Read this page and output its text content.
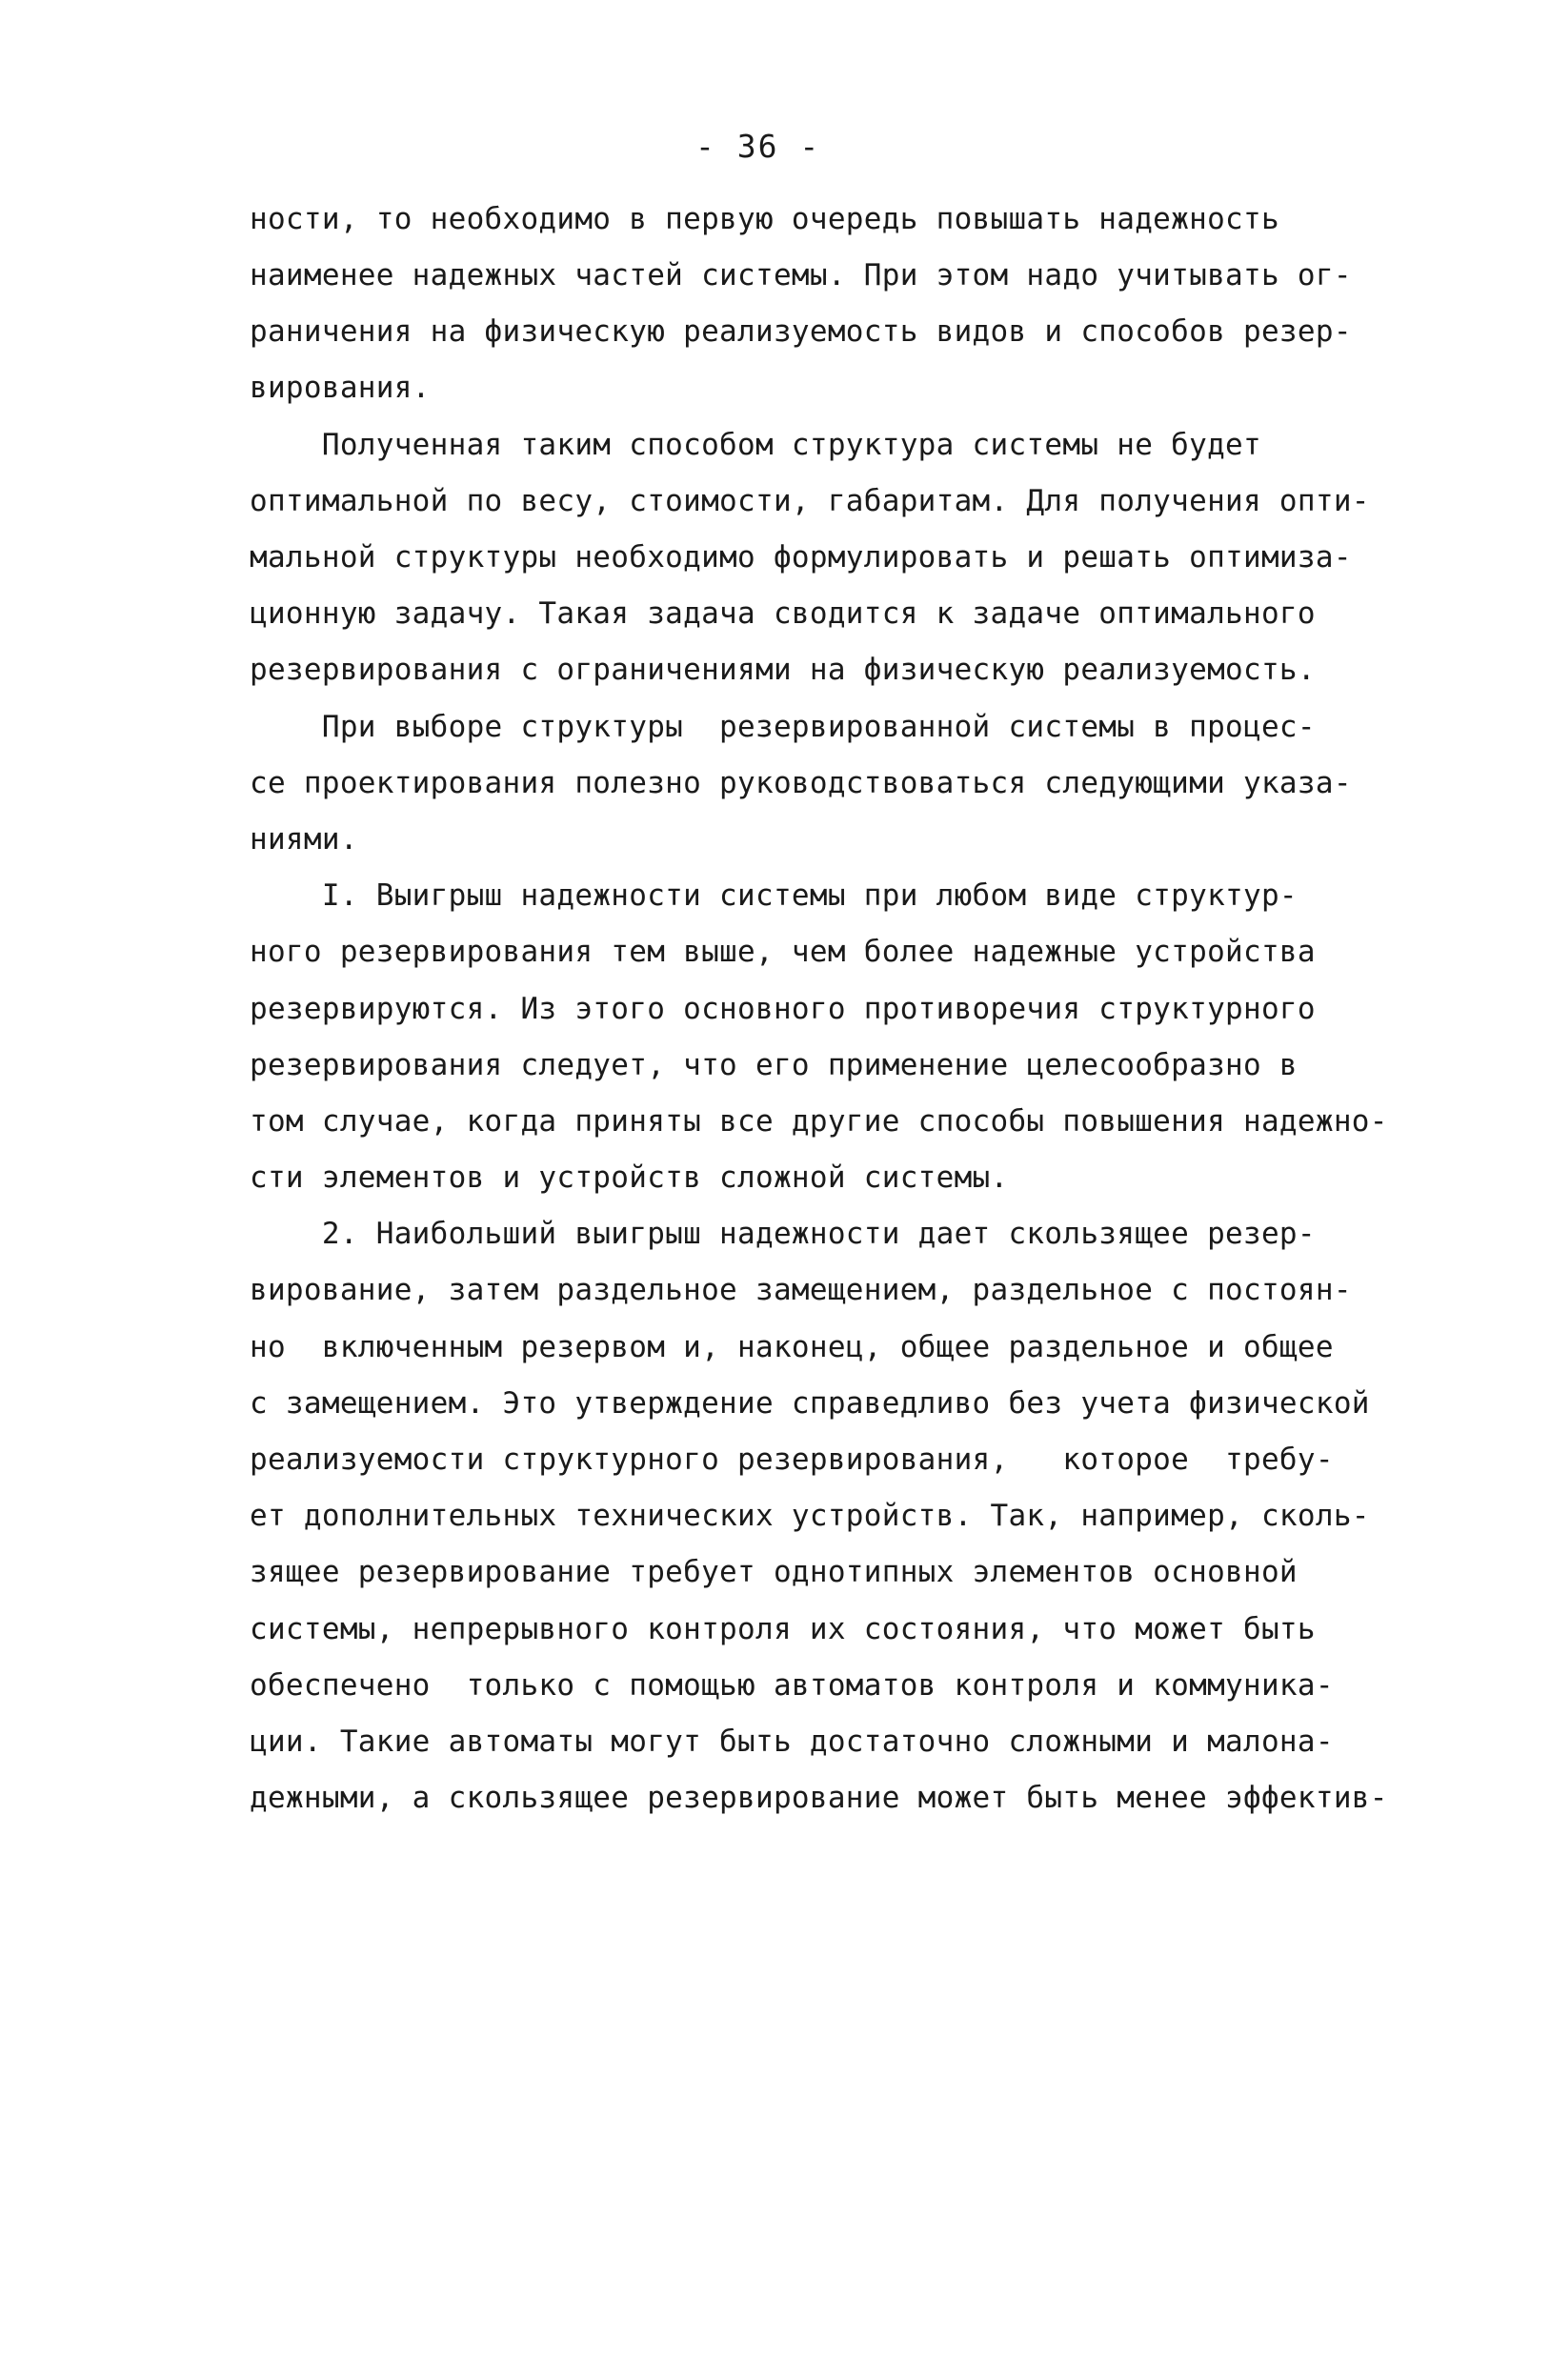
- 36 -
ности, то необходимо в первую очередь повышать надежность
наименее надежных частей системы. При этом надо учитывать ог-
раничения на физическую реализуемость видов и способов резер-
вирования.
Полученная таким способом структура системы не будет
оптимальной по весу, стоимости, габаритам. Для получения опти-
мальной структуры необходимо формулировать и решать оптимиза-
ционную задачу. Такая задача сводится к задаче оптимального
резервирования с ограничениями на физическую реализуемость.
При выборе структуры  резервированной системы в процес-
се проектирования полезно руководствоваться следующими указа-
ниями.
I. Выигрыш надежности системы при любом виде структур-
ного резервирования тем выше, чем более надежные устройства
резервируются. Из этого основного противоречия структурного
резервирования следует, что его применение целесообразно в
том случае, когда приняты все другие способы повышения надежно-
сти элементов и устройств сложной системы.
2. Наибольший выигрыш надежности дает скользящее резер-
вирование, затем раздельное замещением, раздельное с постоян-
но  включенным резервом и, наконец, общее раздельное и общее
с замещением. Это утверждение справедливо без учета физической
реализуемости структурного резервирования,   которое  требу-
ет дополнительных технических устройств. Так, например, сколь-
зящее резервирование требует однотипных элементов основной
системы, непрерывного контроля их состояния, что может быть
обеспечено  только с помощью автоматов контроля и коммуника-
ции. Такие автоматы могут быть достаточно сложными и малона-
дежными, а скользящее резервирование может быть менее эффектив-
